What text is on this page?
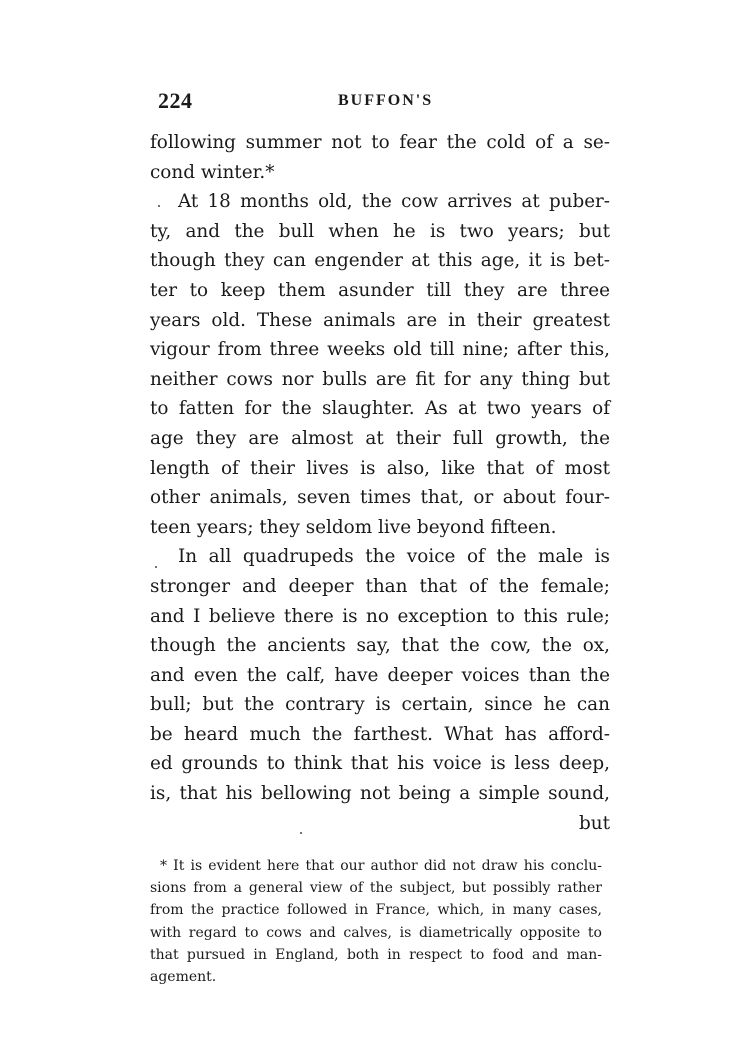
224	BUFFON'S
following summer not to fear the cold of a se-
cond winter.*
At 18 months old, the cow arrives at puber-
ty, and the bull when he is two years; but
though they can engender at this age, it is bet-
ter to keep them asunder till they are three
years old. These animals are in their greatest
vigour from three weeks old till nine; after this,
neither cows nor bulls are fit for any thing but
to fatten for the slaughter. As at two years of
age they are almost at their full growth, the
length of their lives is also, like that of most
other animals, seven times that, or about four-
teen years; they seldom live beyond fifteen.
In all quadrupeds the voice of the male is
stronger and deeper than that of the female;
and I believe there is no exception to this rule;
though the ancients say, that the cow, the ox,
and even the calf, have deeper voices than the
bull; but the contrary is certain, since he can
be heard much the farthest. What has afford-
ed grounds to think that his voice is less deep,
is, that his bellowing not being a simple sound,
but
* It is evident here that our author did not draw his conclu-
sions from a general view of the subject, but possibly rather
from the practice followed in France, which, in many cases,
with regard to cows and calves, is diametrically opposite to
that pursued in England, both in respect to food and man-
agement.
